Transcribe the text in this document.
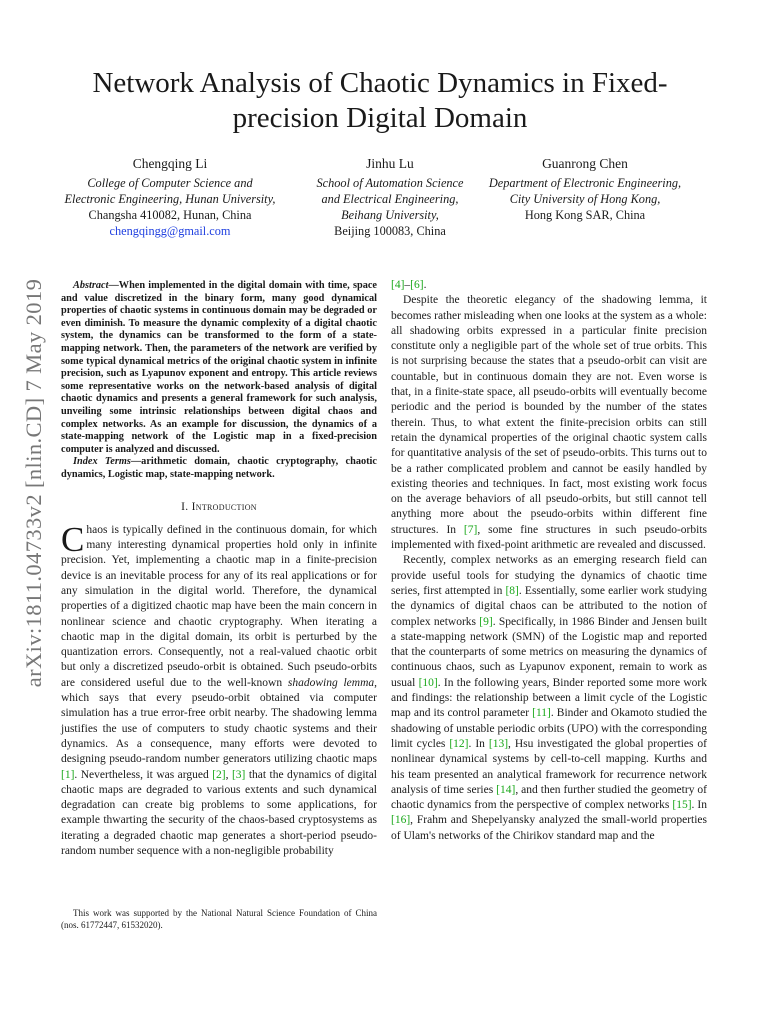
arXiv:1811.04733v2 [nlin.CD] 7 May 2019
Network Analysis of Chaotic Dynamics in Fixed-precision Digital Domain
Chengqing Li
College of Computer Science and
Electronic Engineering, Hunan University,
Changsha 410082, Hunan, China
chengqingg@gmail.com
Jinhu Lu
School of Automation Science
and Electrical Engineering,
Beihang University,
Beijing 100083, China
Guanrong Chen
Department of Electronic Engineering,
City University of Hong Kong,
Hong Kong SAR, China

Abstract—When implemented in the digital domain with time, space and value discretized in the binary form, many good dynamical properties of chaotic systems in continuous domain may be degraded or even diminish. To measure the dynamic complexity of a digital chaotic system, the dynamics can be transformed to the form of a state-mapping network. Then, the parameters of the network are verified by some typical dynamical metrics of the original chaotic system in infinite precision, such as Lyapunov exponent and entropy. This article reviews some representative works on the network-based analysis of digital chaotic dynamics and presents a general framework for such analysis, unveiling some intrinsic relationships between digital chaos and complex networks. As an example for discussion, the dynamics of a state-mapping network of the Logistic map in a fixed-precision computer is analyzed and discussed.

Index Terms—arithmetic domain, chaotic cryptography, chaotic dynamics, Logistic map, state-mapping network.

I. Introduction

Chaos is typically defined in the continuous domain, for which many interesting dynamical properties hold only in infinite precision. Yet, implementing a chaotic map in a finite-precision device is an inevitable process for any of its real applications or for any simulation in the digital world. Therefore, the dynamical properties of a digitized chaotic map have been the main concern in nonlinear science and chaotic cryptography. When iterating a chaotic map in the digital domain, its orbit is perturbed by the quantization errors. Consequently, not a real-valued chaotic orbit but only a discretized pseudo-orbit is obtained. Such pseudo-orbits are considered useful due to the well-known shadowing lemma, which says that every pseudo-orbit obtained via computer simulation has a true error-free orbit nearby. The shadowing lemma justifies the use of computers to study chaotic systems and their dynamics. As a consequence, many efforts were devoted to designing pseudo-random number generators utilizing chaotic maps [1]. Nevertheless, it was argued [2], [3] that the dynamics of digital chaotic maps are degraded to various extents and such dynamical degradation can create big problems to some applications, for example thwarting the security of the chaos-based cryptosystems as iterating a degraded chaotic map generates a short-period pseudo-random number sequence with a non-negligible probability

[4]–[6].

Despite the theoretic elegancy of the shadowing lemma, it becomes rather misleading when one looks at the system as a whole: all shadowing orbits expressed in a particular finite precision constitute only a negligible part of the whole set of true orbits. This is not surprising because the states that a pseudo-orbit can visit are countable, but in continuous domain they are not. Even worse is that, in a finite-state space, all pseudo-orbits will eventually become periodic and the period is bounded by the number of the states therein. Thus, to what extent the finite-precision orbits can still retain the dynamical properties of the original chaotic system calls for quantitative analysis of the set of pseudo-orbits. This turns out to be a rather complicated problem and cannot be easily handled by existing theories and techniques. In fact, most existing work focus on the average behaviors of all pseudo-orbits, but still cannot tell anything more about the pseudo-orbits within different fine structures. In [7], some fine structures in such pseudo-orbits implemented with fixed-point arithmetic are revealed and discussed.

Recently, complex networks as an emerging research field can provide useful tools for studying the dynamics of chaotic time series, first attempted in [8]. Essentially, some earlier work studying the dynamics of digital chaos can be attributed to the notion of complex networks [9]. Specifically, in 1986 Binder and Jensen built a state-mapping network (SMN) of the Logistic map and reported that the counterparts of some metrics on measuring the dynamics of continuous chaos, such as Lyapunov exponent, remain to work as usual [10]. In the following years, Binder reported some more work and findings: the relationship between a limit cycle of the Logistic map and its control parameter [11]. Binder and Okamoto studied the shadowing of unstable periodic orbits (UPO) with the corresponding limit cycles [12]. In [13], Hsu investigated the global properties of nonlinear dynamical systems by cell-to-cell mapping. Kurths and his team presented an analytical framework for recurrence network analysis of time series [14], and then further studied the geometry of chaotic dynamics from the perspective of complex networks [15]. In [16], Frahm and Shepelyansky analyzed the small-world properties of Ulam's networks of the Chirikov standard map and the

This work was supported by the National Natural Science Foundation of China (nos. 61772447, 61532020).
